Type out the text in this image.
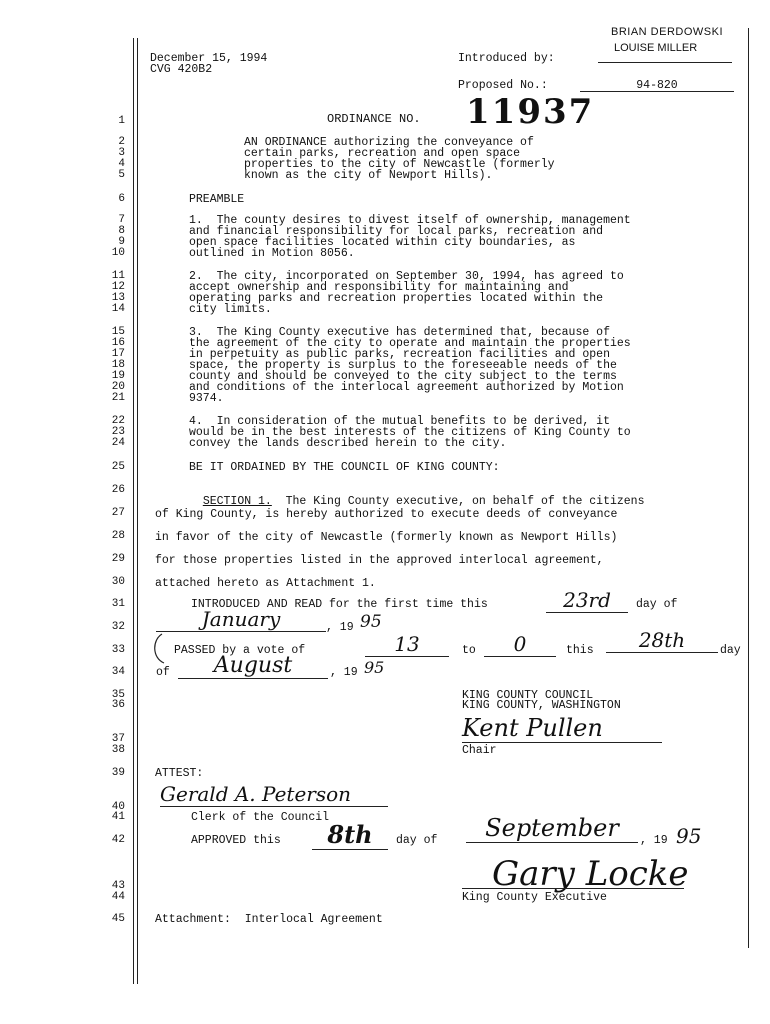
December 15, 1994
CVG 420B2
BRIAN DERDOWSKI
LOUISE MILLER
Introduced by:
Proposed No.:	94-820
ORDINANCE NO. 11937
1
2
3
4
5
6
7
8
9
10
11
12
13
14
15
16
17
18
19
20
21
22
23
24
25
26
27
28
29
30
31
32
33
34
35
36
37
38
39
40
41
42
43
44
45
AN ORDINANCE authorizing the conveyance of
certain parks, recreation and open space
properties to the city of Newcastle (formerly
known as the city of Newport Hills).
PREAMBLE
1.  The county desires to divest itself of ownership, management
and financial responsibility for local parks, recreation and
open space facilities located within city boundaries, as
outlined in Motion 8056.
2.  The city, incorporated on September 30, 1994, has agreed to
accept ownership and responsibility for maintaining and
operating parks and recreation properties located within the
city limits.
3.  The King County executive has determined that, because of
the agreement of the city to operate and maintain the properties
in perpetuity as public parks, recreation facilities and open
space, the property is surplus to the foreseeable needs of the
county and should be conveyed to the city subject to the terms
and conditions of the interlocal agreement authorized by Motion
9374.
4.  In consideration of the mutual benefits to be derived, it
would be in the best interests of the citizens of King County to
convey the lands described herein to the city.
BE IT ORDAINED BY THE COUNCIL OF KING COUNTY:

SECTION 1.  The King County executive, on behalf of the citizens

of King County, is hereby authorized to execute deeds of conveyance
in favor of the city of Newcastle (formerly known as Newport Hills)
for those properties listed in the approved interlocal agreement,
attached hereto as Attachment 1.
INTRODUCED AND READ for the first time this	23rd	day of
January	, 19 95
PASSED by a vote of	13	to	0	this	28th	day
of	August	, 19 95
KING COUNTY COUNCIL
KING COUNTY, WASHINGTON
Kent Pullen
Chair
ATTEST:
Gerald A. Peterson
Clerk of the Council
APPROVED this	8th	day of	September	, 19 95
Gary Locke
King County Executive
Attachment:  Interlocal Agreement
